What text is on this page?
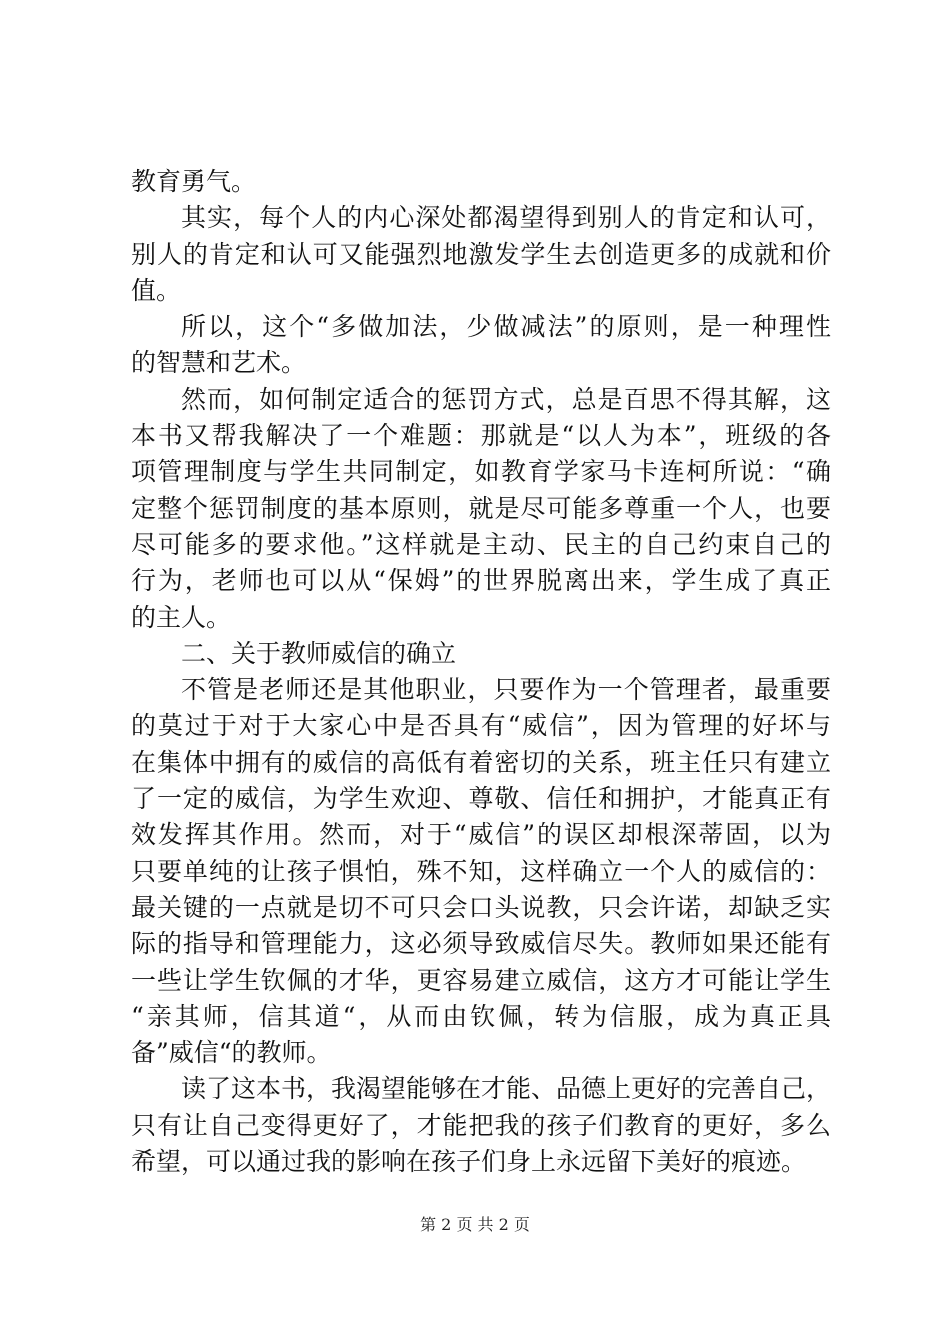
教育勇气。
其实，每个人的内心深处都渴望得到别人的肯定和认可，
别人的肯定和认可又能强烈地激发学生去创造更多的成就和价
值。
所以，这个“多做加法，少做减法”的原则，是一种理性
的智慧和艺术。
然而，如何制定适合的惩罚方式，总是百思不得其解，这
本书又帮我解决了一个难题：那就是“以人为本”，班级的各
项管理制度与学生共同制定，如教育学家马卡连柯所说：“确
定整个惩罚制度的基本原则，就是尽可能多尊重一个人，也要
尽可能多的要求他。”这样就是主动、民主的自己约束自己的
行为，老师也可以从“保姆”的世界脱离出来，学生成了真正
的主人。
二、关于教师威信的确立
不管是老师还是其他职业，只要作为一个管理者，最重要
的莫过于对于大家心中是否具有“威信”，因为管理的好坏与
在集体中拥有的威信的高低有着密切的关系，班主任只有建立
了一定的威信，为学生欢迎、尊敬、信任和拥护，才能真正有
效发挥其作用。然而，对于“威信”的误区却根深蒂固，以为
只要单纯的让孩子惧怕，殊不知，这样确立一个人的威信的：
最关键的一点就是切不可只会口头说教，只会许诺，却缺乏实
际的指导和管理能力，这必须导致威信尽失。教师如果还能有
一些让学生钦佩的才华，更容易建立威信，这方才可能让学生
“亲其师，信其道“，从而由钦佩，转为信服，成为真正具
备”威信“的教师。
读了这本书，我渴望能够在才能、品德上更好的完善自己，
只有让自己变得更好了，才能把我的孩子们教育的更好，多么
希望，可以通过我的影响在孩子们身上永远留下美好的痕迹。
第 2 页 共 2 页
